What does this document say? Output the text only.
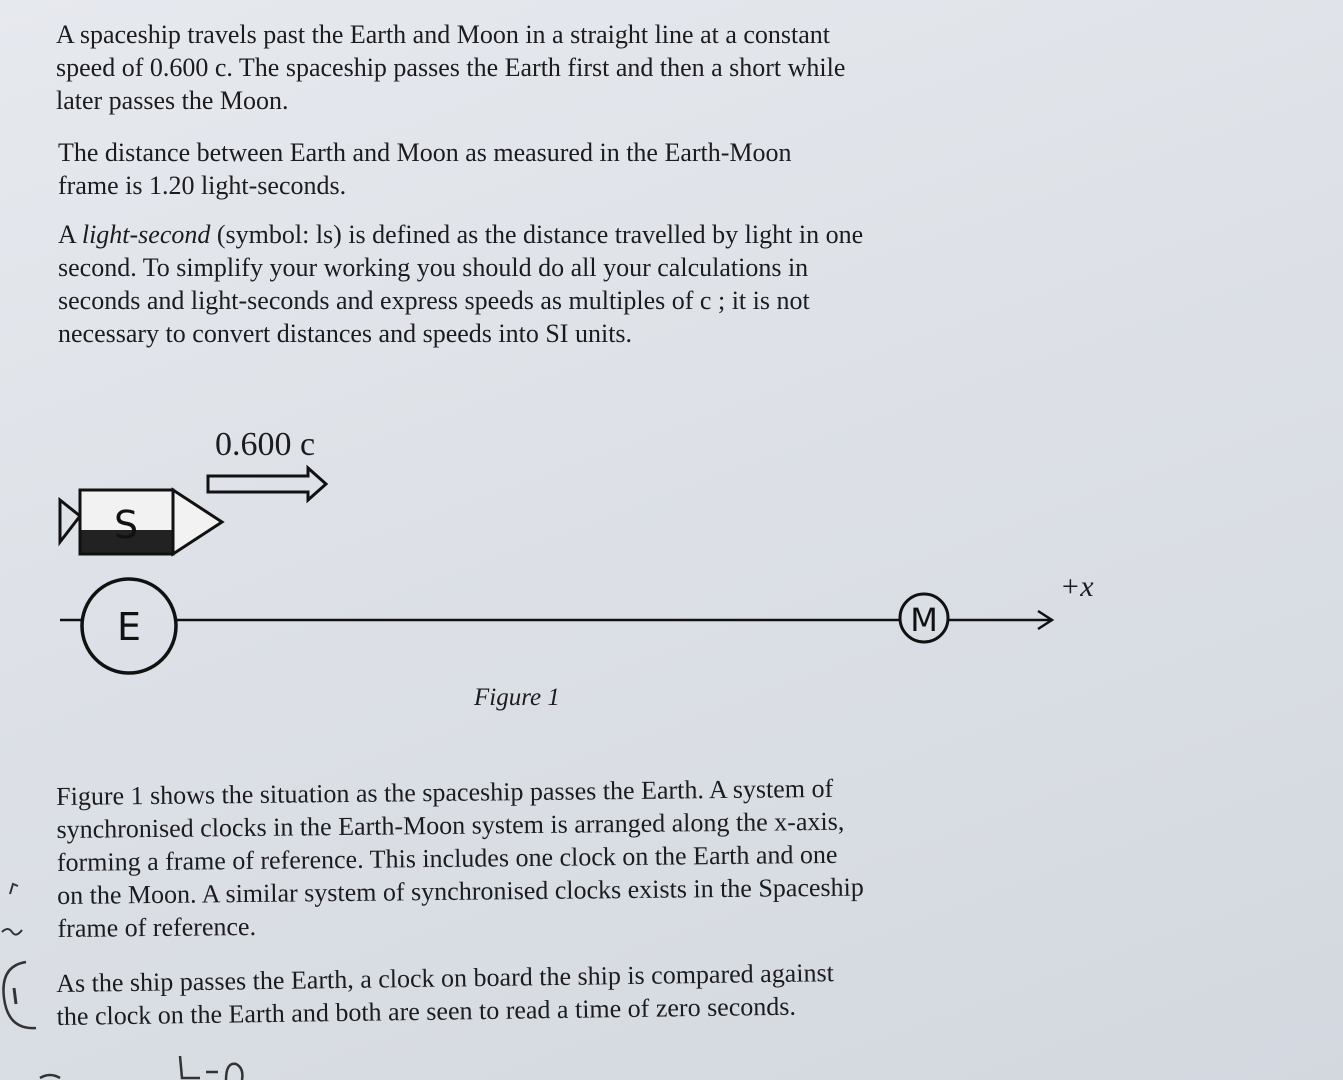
A spaceship travels past the Earth and Moon in a straight line at a constant
speed of 0.600 c. The spaceship passes the Earth first and then a short while
later passes the Moon.
The distance between Earth and Moon as measured in the Earth-Moon
frame is 1.20 light-seconds.
A light-second (symbol: ls) is defined as the distance travelled by light in one
second. To simplify your working you should do all your calculations in
seconds and light-seconds and express speeds as multiples of c ; it is not
necessary to convert distances and speeds into SI units.
0.600 c
S
E	M
+x
Figure 1
Figure 1 shows the situation as the spaceship passes the Earth. A system of
synchronised clocks in the Earth-Moon system is arranged along the x-axis,
forming a frame of reference. This includes one clock on the Earth and one
on the Moon. A similar system of synchronised clocks exists in the Spaceship
frame of reference.
As the ship passes the Earth, a clock on board the ship is compared against
the clock on the Earth and both are seen to read a time of zero seconds.
